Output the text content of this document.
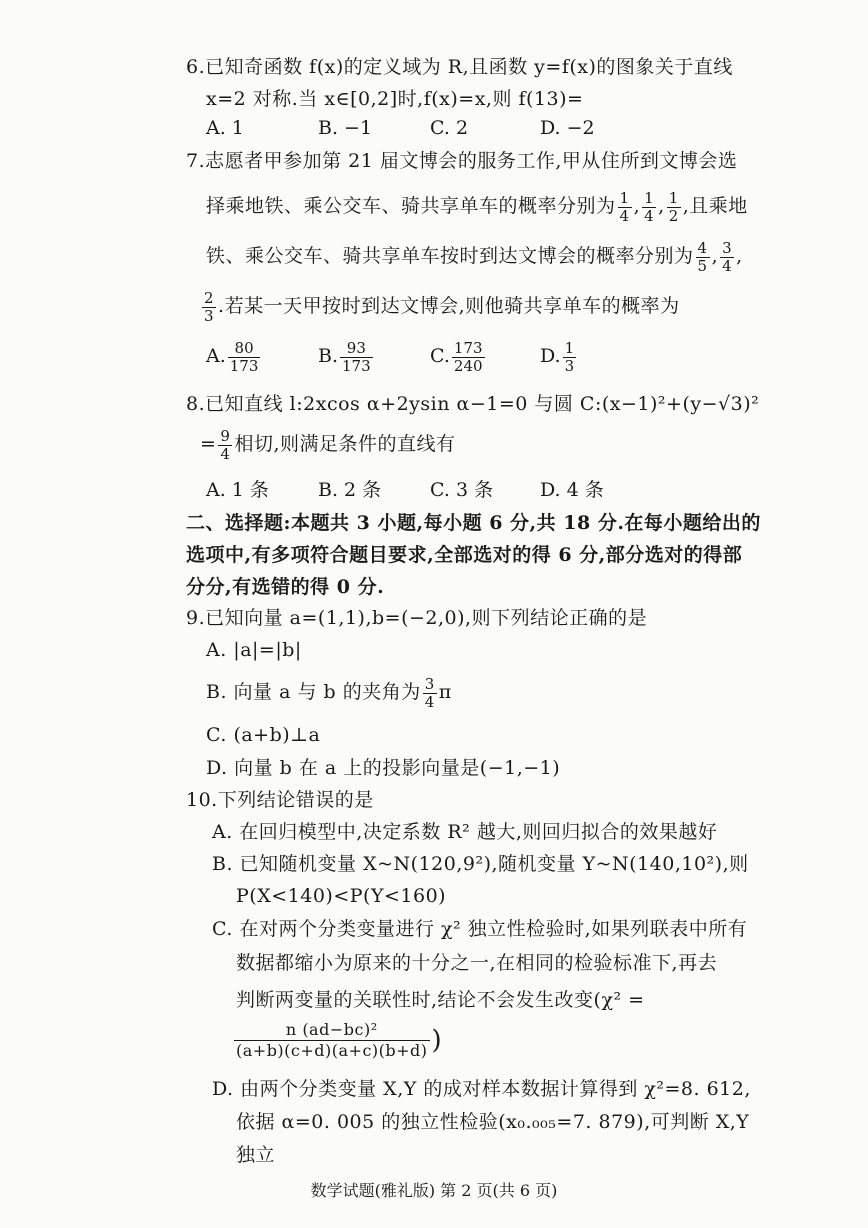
6.已知奇函数 f(x)的定义域为 R,且函数 y=f(x)的图象关于直线
x=2 对称.当 x∈[0,2]时,f(x)=x,则 f(13)=
A. 1	B. −1	C. 2	D. −2
7.志愿者甲参加第 21 届文博会的服务工作,甲从住所到文博会选
择乘地铁、乘公交车、骑共享单车的概率分别为 $\frac{1}{4}$ , $\frac{1}{4}$ , $\frac{1}{2}$ ,且乘地
铁、乘公交车、骑共享单车按时到达文博会的概率分别为 $\frac{4}{5}$ , $\frac{3}{4}$ ,
$\frac{2}{3}$ .若某一天甲按时到达文博会,则他骑共享单车的概率为
A. $\frac{80}{173}$	B. $\frac{93}{173}$	C. $\frac{173}{240}$	D. $\frac{1}{3}$
8.已知直线 l:2xcos α+2ysin α−1=0 与圆 C:(x−1)²+(y−√3)²
= $\frac{9}{4}$ 相切,则满足条件的直线有
A. 1 条	B. 2 条	C. 3 条 D. 4 条
二、选择题:本题共 3 小题,每小题 6 分,共 18 分.在每小题给出的
选项中,有多项符合题目要求,全部选对的得 6 分,部分选对的得部
分分,有选错的得 0 分.
9.已知向量 a=(1,1),b=(−2,0),则下列结论正确的是
A. |a|=|b|
B. 向量 a 与 b 的夹角为 $\frac{3}{4}$ π
C. (a+b)⊥a
D. 向量 b 在 a 上的投影向量是(−1,−1)
10.下列结论错误的是
A. 在回归模型中,决定系数 R² 越大,则回归拟合的效果越好
B. 已知随机变量 X~N(120,9²),随机变量 Y~N(140,10²),则
P(X<140)<P(Y<160)
C. 在对两个分类变量进行 χ² 独立性检验时,如果列联表中所有
数据都缩小为原来的十分之一,在相同的检验标准下,再去
判断两变量的关联性时,结论不会发生改变(χ² =
$\frac{\text{n (ad−bc)²}}{(a+b)(c+d)(a+c)(b+d)}$ )
D. 由两个分类变量 X,Y 的成对样本数据计算得到 χ²=8. 612,
依据 α=0. 005 的独立性检验(x₀.₀₀₅=7. 879),可判断 X,Y
独立
数学试题(雅礼版) 第 2 页(共 6 页)
